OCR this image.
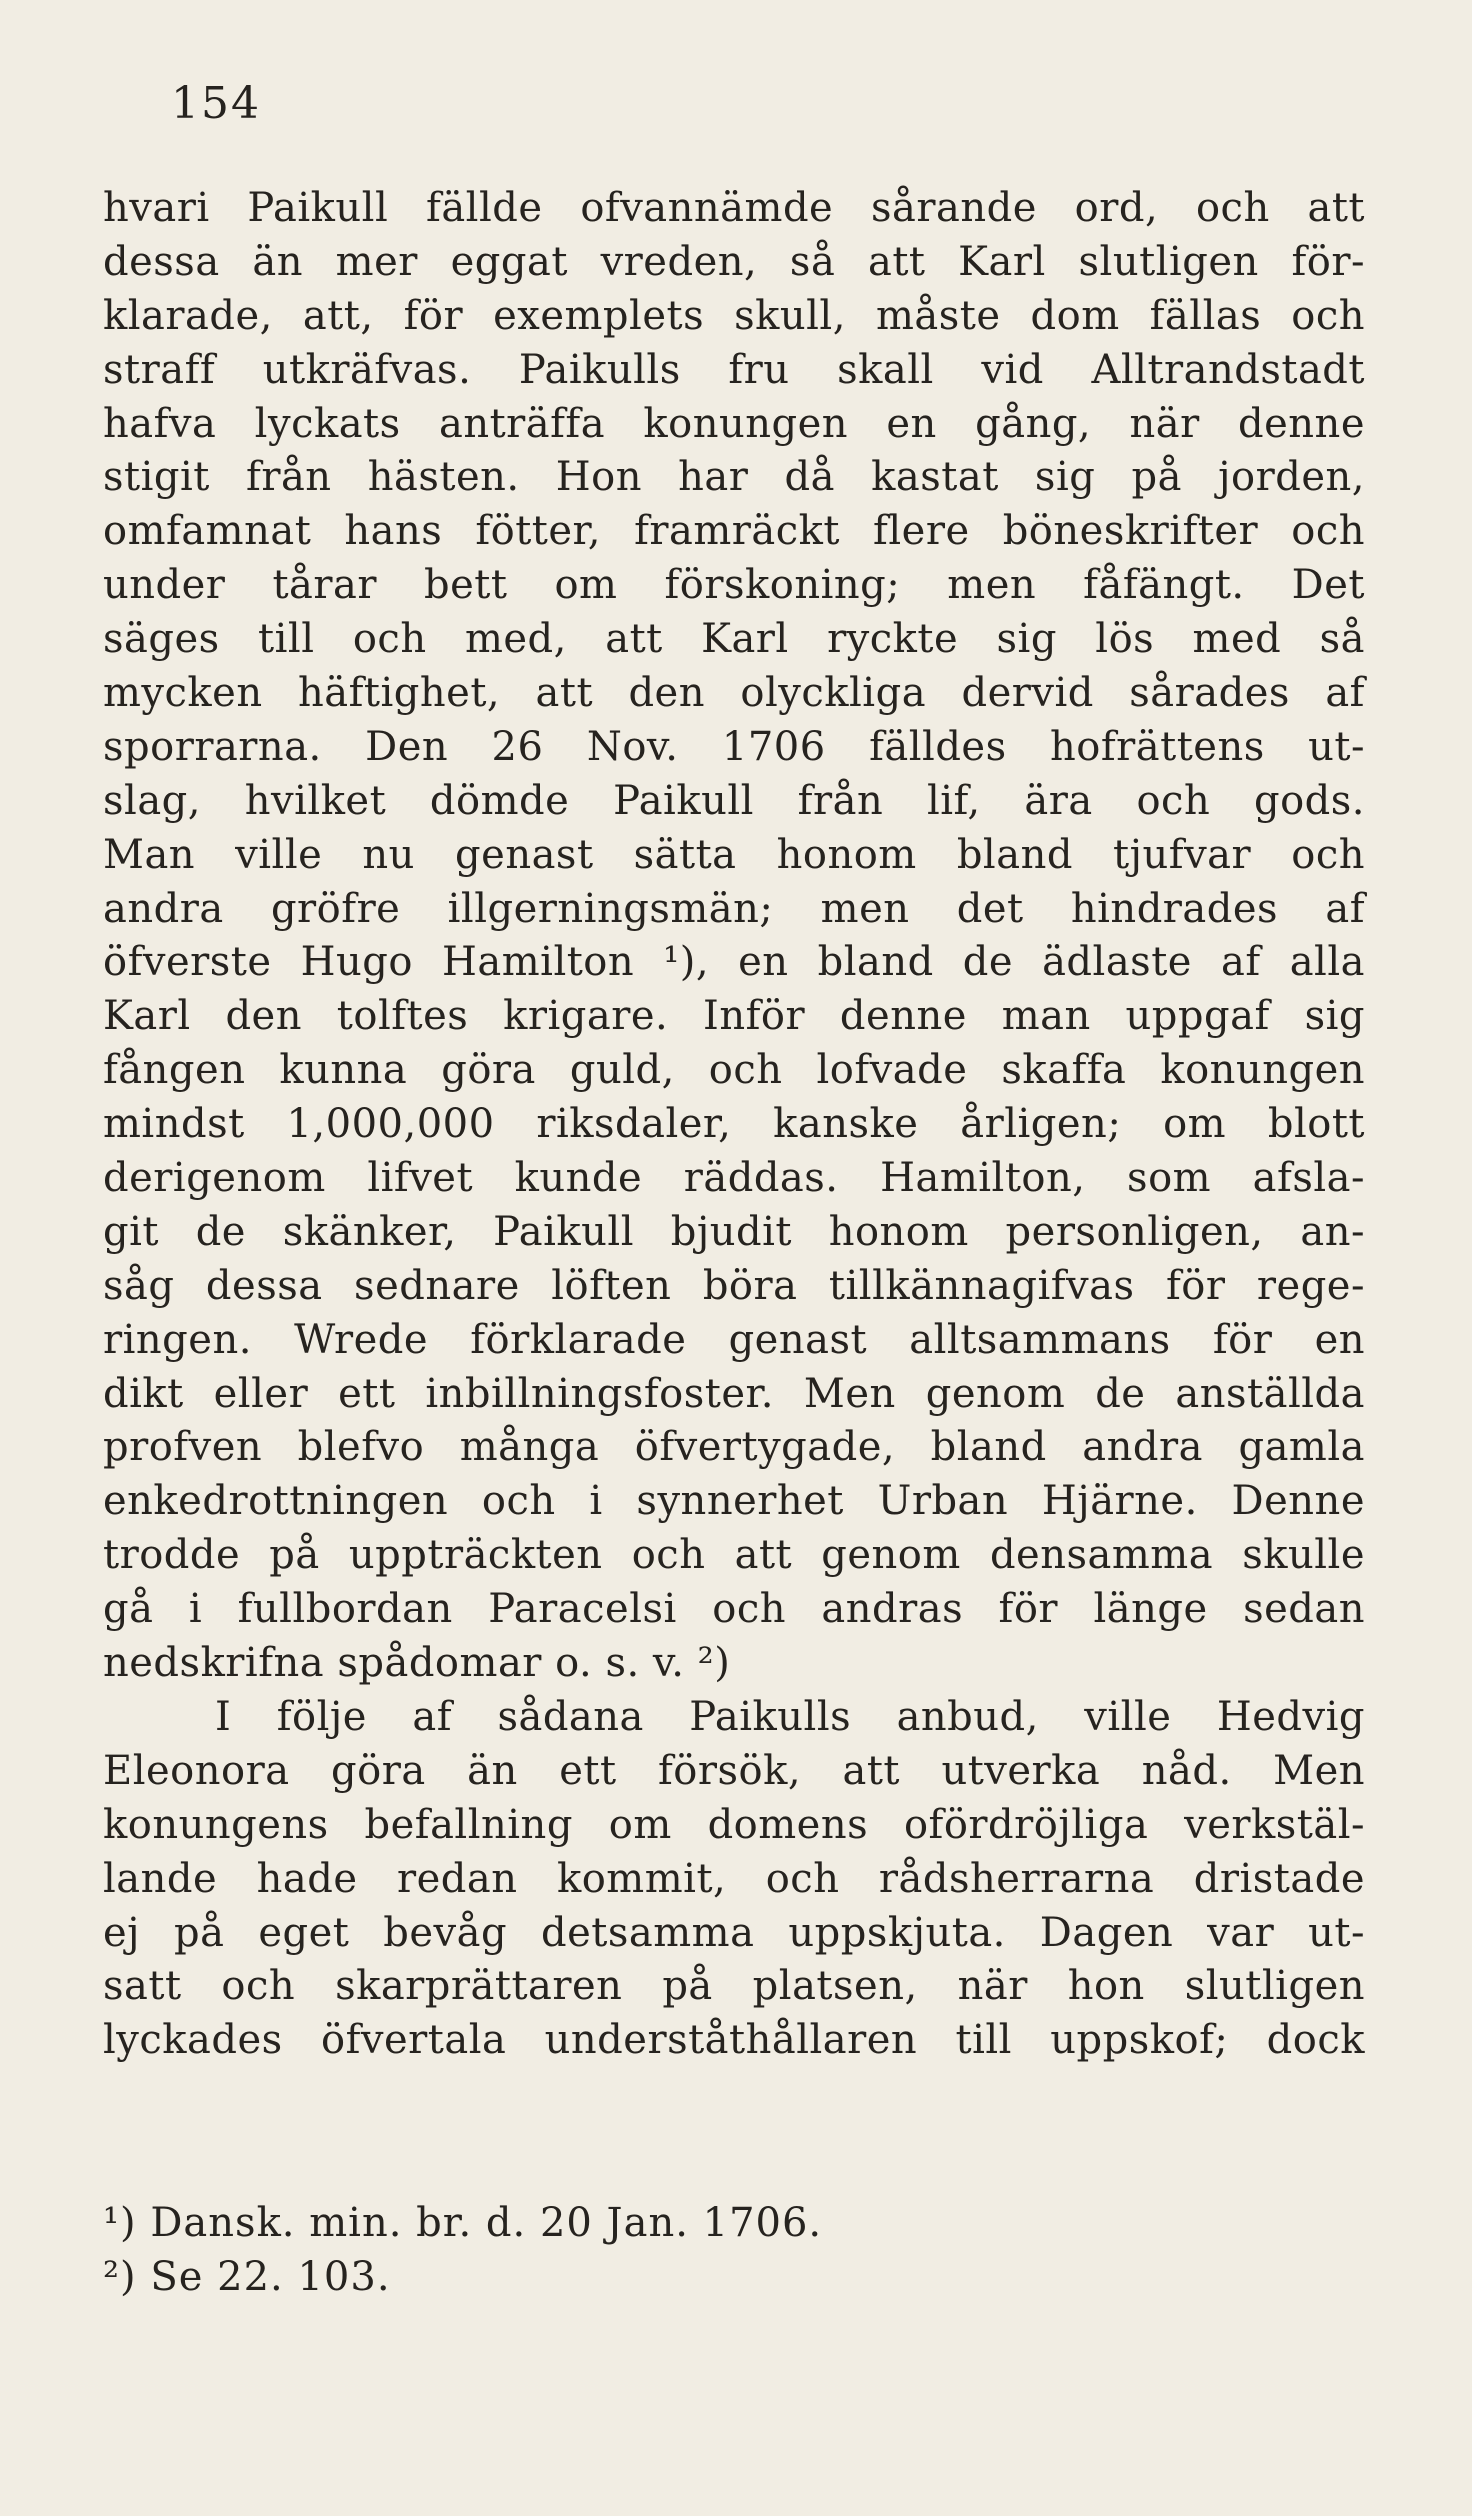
154
hvari Paikull fällde ofvannämde sårande ord, och att
dessa än mer eggat vreden, så att Karl slutligen för-
klarade, att, för exemplets skull, måste dom fällas och
straff utkräfvas. Paikulls fru skall vid Alltrandstadt
hafva lyckats anträffa konungen en gång, när denne
stigit från hästen. Hon har då kastat sig på jorden,
omfamnat hans fötter, framräckt flere böneskrifter och
under tårar bett om förskoning; men fåfängt. Det
säges till och med, att Karl ryckte sig lös med så
mycken häftighet, att den olyckliga dervid sårades af
sporrarna. Den 26 Nov. 1706 fälldes hofrättens ut-
slag, hvilket dömde Paikull från lif, ära och gods.
Man ville nu genast sätta honom bland tjufvar och
andra gröfre illgerningsmän; men det hindrades af
öfverste Hugo Hamilton ¹), en bland de ädlaste af alla
Karl den tolftes krigare. Inför denne man uppgaf sig
fången kunna göra guld, och lofvade skaffa konungen
mindst 1,000,000 riksdaler, kanske årligen; om blott
derigenom lifvet kunde räddas. Hamilton, som afsla-
git de skänker, Paikull bjudit honom personligen, an-
såg dessa sednare löften böra tillkännagifvas för rege-
ringen. Wrede förklarade genast alltsammans för en
dikt eller ett inbillningsfoster. Men genom de anställda
profven blefvo många öfvertygade, bland andra gamla
enkedrottningen och i synnerhet Urban Hjärne. Denne
trodde på uppträckten och att genom densamma skulle
gå i fullbordan Paracelsi och andras för länge sedan
nedskrifna spådomar o. s. v. ²)
I följe af sådana Paikulls anbud, ville Hedvig
Eleonora göra än ett försök, att utverka nåd. Men
konungens befallning om domens ofördröjliga verkstäl-
lande hade redan kommit, och rådsherrarna dristade
ej på eget bevåg detsamma uppskjuta. Dagen var ut-
satt och skarprättaren på platsen, när hon slutligen
lyckades öfvertala underståthållaren till uppskof; dock
¹) Dansk. min. br. d. 20 Jan. 1706.
²) Se 22. 103.
